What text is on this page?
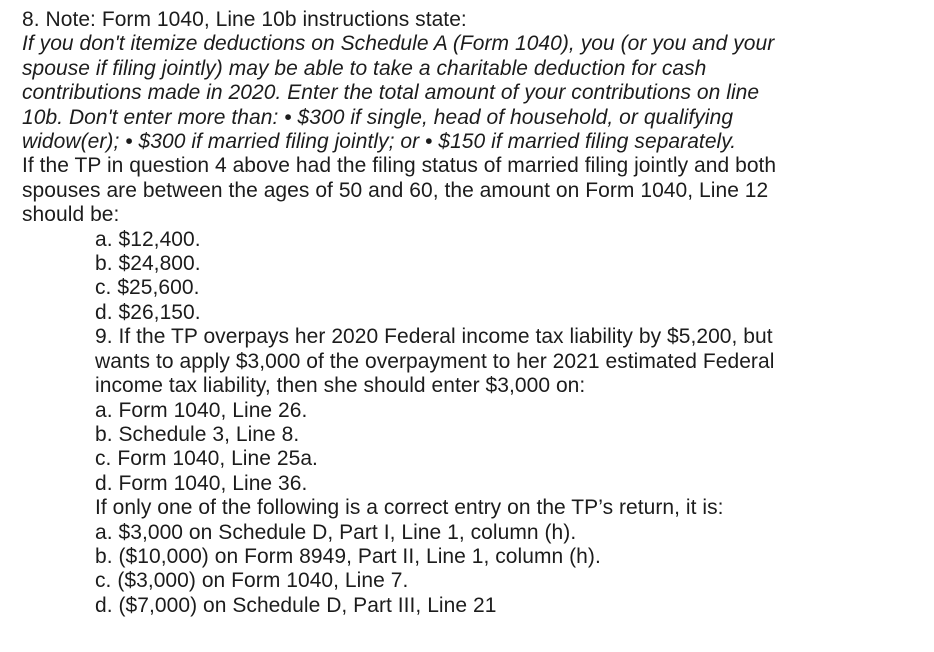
8. Note: Form 1040, Line 10b instructions state:
If you don't itemize deductions on Schedule A (Form 1040), you (or you and your
spouse if filing jointly) may be able to take a charitable deduction for cash
contributions made in 2020. Enter the total amount of your contributions on line
10b. Don't enter more than: • $300 if single, head of household, or qualifying
widow(er); • $300 if married filing jointly; or • $150 if married filing separately.
If the TP in question 4 above had the filing status of married filing jointly and both
spouses are between the ages of 50 and 60, the amount on Form 1040, Line 12
should be:
a. $12,400.
b. $24,800.
c. $25,600.
d. $26,150.
9. If the TP overpays her 2020 Federal income tax liability by $5,200, but
wants to apply $3,000 of the overpayment to her 2021 estimated Federal
income tax liability, then she should enter $3,000 on:
a. Form 1040, Line 26.
b. Schedule 3, Line 8.
c. Form 1040, Line 25a.
d. Form 1040, Line 36.
If only one of the following is a correct entry on the TP’s return, it is:
a. $3,000 on Schedule D, Part I, Line 1, column (h).
b. ($10,000) on Form 8949, Part II, Line 1, column (h).
c. ($3,000) on Form 1040, Line 7.
d. ($7,000) on Schedule D, Part III, Line 21
